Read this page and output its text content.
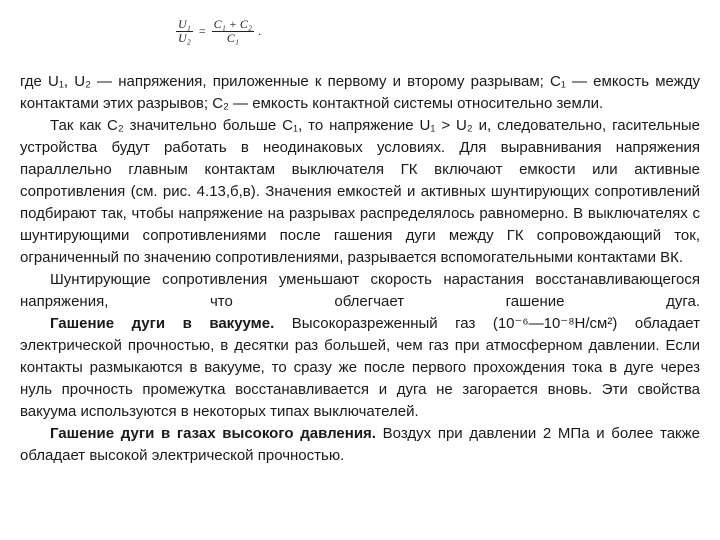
$\frac{\text{U₁}}{\text{U₂}} = \frac{\text{C₁ + C₂}}{\text{C₁}}$ .

где U₁, U₂ — напряжения, приложенные к первому и второму разрывам; C₁ — емкость между контактами этих разрывов; C₂ — емкость контактной системы относительно земли.

Так как C₂ значительно больше C₁, то напряжение U₁ > U₂ и, следовательно, гасительные устройства будут работать в неодинаковых условиях. Для выравнивания напряжения параллельно главным контактам выключателя ГК включают емкости или активные сопротивления (см. рис. 4.13,б,в). Значения емкостей и активных шунтирующих сопротивлений подбирают так, чтобы напряжение на разрывах распределялось равномерно. В выключателях с шунтирующими сопротивлениями после гашения дуги между ГК сопровождающий ток, ограниченный по значению сопротивлениями, разрывается вспомогательными контактами ВК.

Шунтирующие сопротивления уменьшают скорость нарастания восстанавливающегося напряжения, что облегчает гашение дуга.

Гашение дуги в вакууме. Высокоразреженный газ (10⁻⁶—10⁻⁸Н/см²) обладает электрической прочностью, в десятки раз большей, чем газ при атмосферном давлении. Если контакты размыкаются в вакууме, то сразу же после первого прохождения тока в дуге через нуль прочность промежутка восстанавливается и дуга не загорается вновь. Эти свойства вакуума используются в некоторых типах выключателей.

Гашение дуги в газах высокого давления. Воздух при давлении 2 МПа и более также обладает высокой электрической прочностью.
